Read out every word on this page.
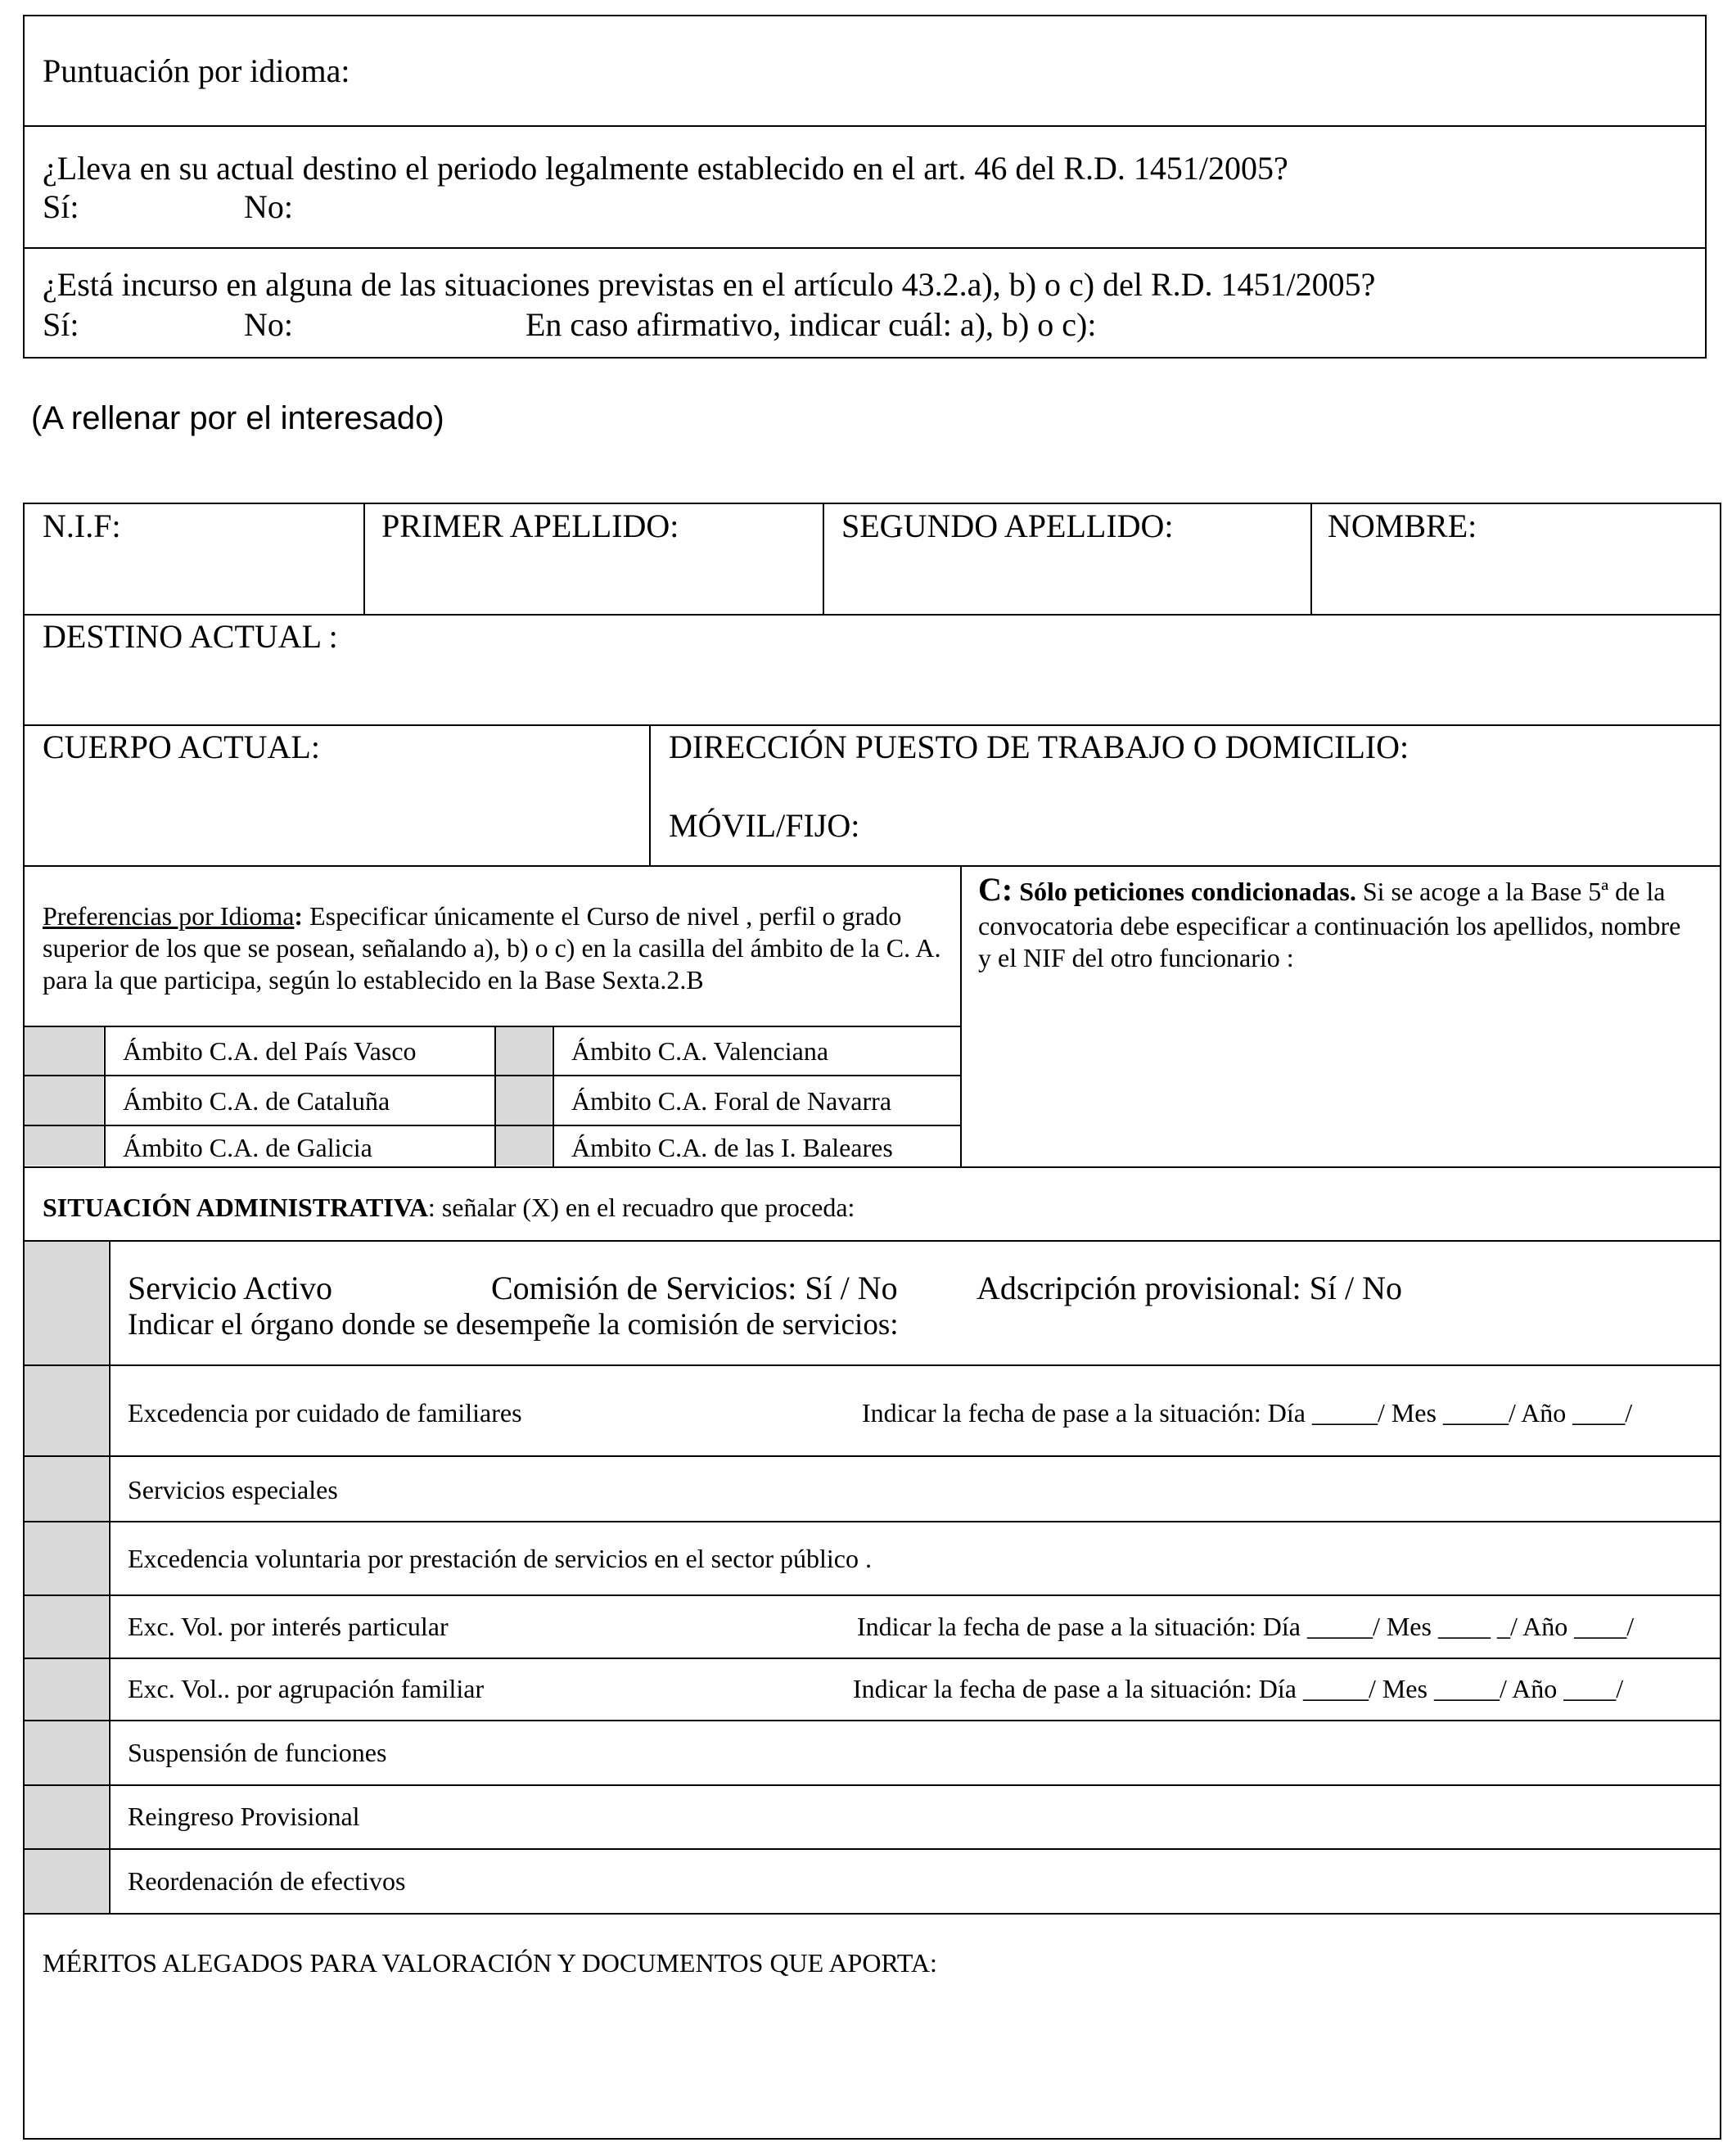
Puntuación por idioma:
¿Lleva en su actual destino el periodo legalmente establecido en el art. 46 del R.D. 1451/2005?
Sí:	No:
¿Está incurso en alguna de las situaciones previstas en el artículo 43.2.a), b) o c) del R.D. 1451/2005?
Sí:	No:	En caso afirmativo, indicar cuál: a), b) o c):
(A rellenar por el interesado)
N.I.F:	PRIMER APELLIDO:	SEGUNDO APELLIDO:	NOMBRE:
DESTINO ACTUAL :
CUERPO ACTUAL:	DIRECCIÓN PUESTO DE TRABAJO O DOMICILIO:
MÓVIL/FIJO:
Preferencias por Idioma: Especificar únicamente el Curso de nivel , perfil o grado superior de los que se posean, señalando a), b) o c) en la casilla del ámbito de la C. A. para la que participa, según lo establecido en la Base Sexta.2.B
C: Sólo peticiones condicionadas. Si se acoge a la Base 5ª de la convocatoria debe especificar a continuación los apellidos, nombre y el NIF del otro funcionario :
Ámbito C.A. del País Vasco	Ámbito C.A. Valenciana
Ámbito C.A. de Cataluña	Ámbito C.A. Foral de Navarra
Ámbito C.A. de Galicia	Ámbito C.A. de las I. Baleares
SITUACIÓN ADMINISTRATIVA: señalar (X) en el recuadro que proceda:
Servicio Activo	Comisión de Servicios: Sí / No Adscripción provisional: Sí / No
Indicar el órgano donde se desempeñe la comisión de servicios:
Excedencia por cuidado de familiares	Indicar la fecha de pase a la situación: Día _____/ Mes _____/ Año ____/
Servicios especiales
Excedencia voluntaria por prestación de servicios en el sector público .
Exc. Vol. por interés particular	Indicar la fecha de pase a la situación: Día _____/ Mes ____ _/ Año ____/
Exc. Vol.. por agrupación familiar	Indicar la fecha de pase a la situación: Día _____/ Mes _____/ Año ____/
Suspensión de funciones
Reingreso Provisional
Reordenación de efectivos
MÉRITOS ALEGADOS PARA VALORACIÓN Y DOCUMENTOS QUE APORTA:
